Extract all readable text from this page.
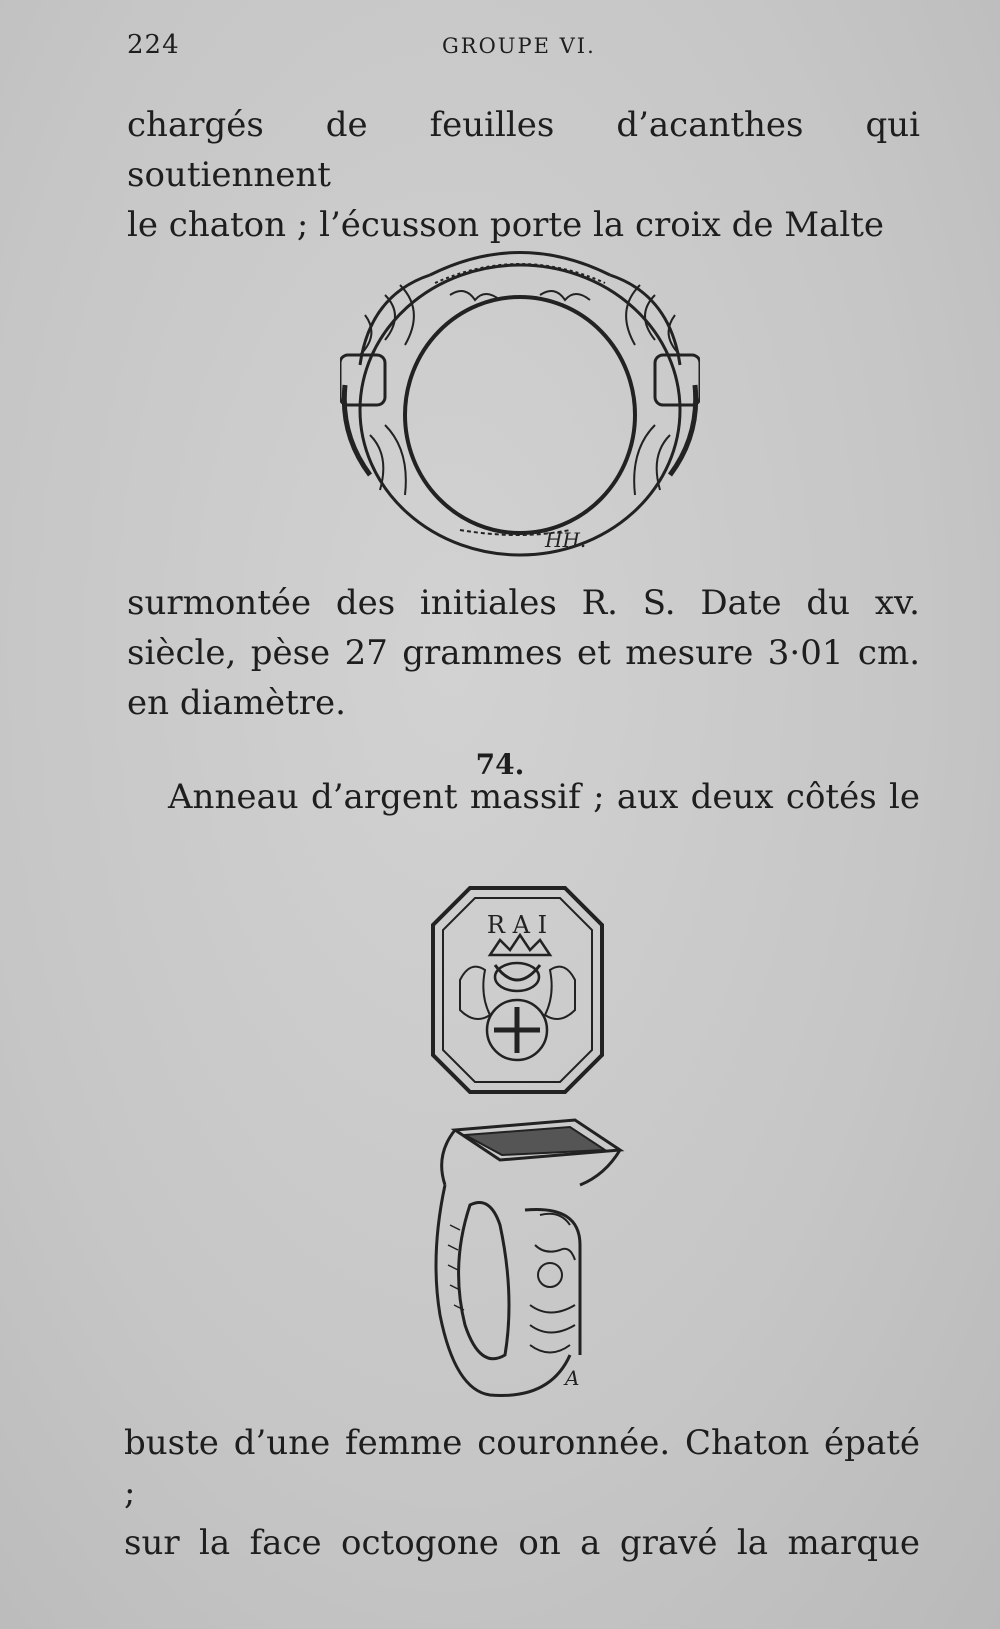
224	GROUPE VI.

chargés de feuilles d’acanthes qui soutiennent
le chaton ; l’écusson porte la croix de Malte

HH.

surmontée des initiales R. S. Date du xv.
siècle, pèse 27 grammes et mesure 3·01 cm.
en diamètre.

74.

Anneau d’argent massif ; aux deux côtés le

R A I
A

buste d’une femme couronnée. Chaton épaté ;
sur la face octogone on a gravé la marque
